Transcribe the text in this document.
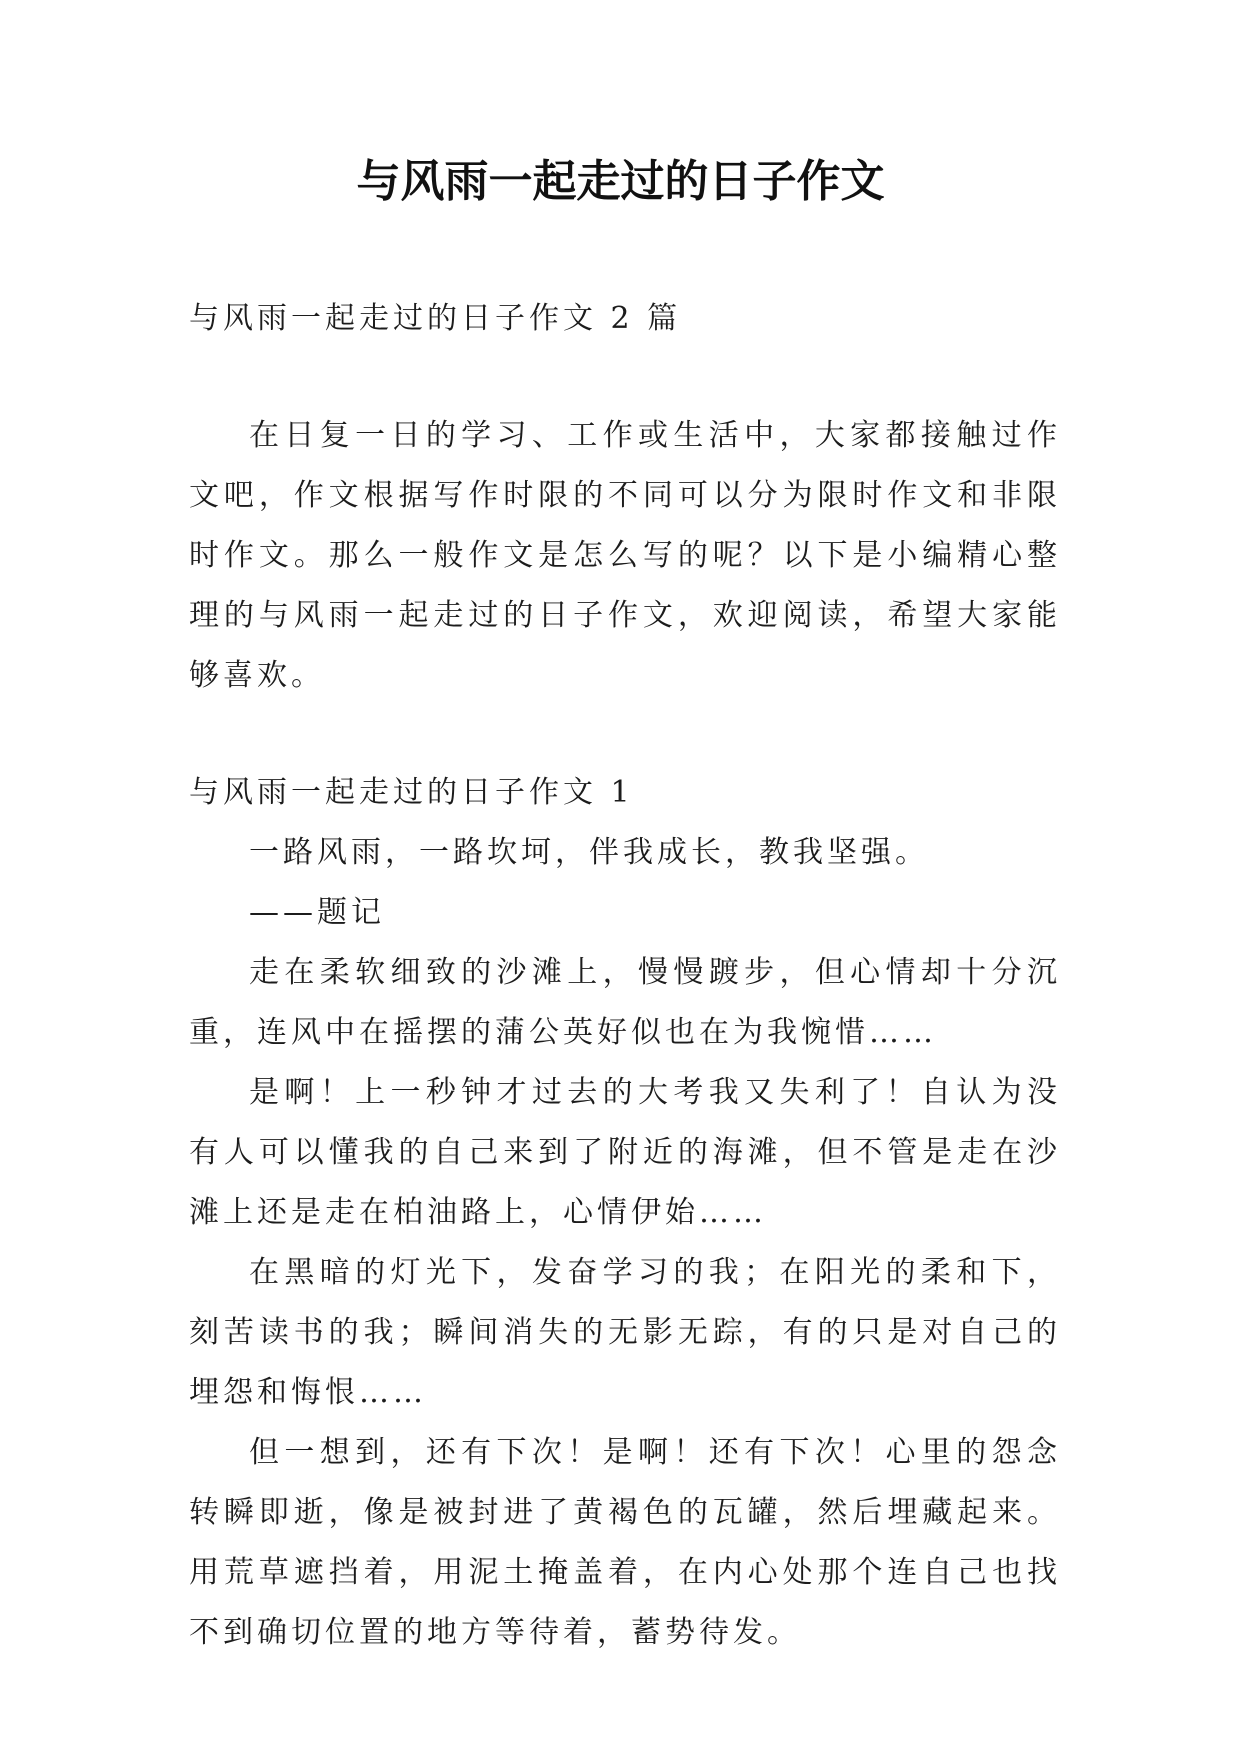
与风雨一起走过的日子作文

与风雨一起走过的日子作文 2 篇

在日复一日的学习、工作或生活中，大家都接触过作文吧，作文根据写作时限的不同可以分为限时作文和非限时作文。那么一般作文是怎么写的呢？以下是小编精心整理的与风雨一起走过的日子作文，欢迎阅读，希望大家能够喜欢。

与风雨一起走过的日子作文 1

一路风雨，一路坎坷，伴我成长，教我坚强。

——题记

走在柔软细致的沙滩上，慢慢踱步，但心情却十分沉重，连风中在摇摆的蒲公英好似也在为我惋惜……

是啊！上一秒钟才过去的大考我又失利了！自认为没有人可以懂我的自己来到了附近的海滩，但不管是走在沙滩上还是走在柏油路上，心情伊始……

在黑暗的灯光下，发奋学习的我；在阳光的柔和下，刻苦读书的我；瞬间消失的无影无踪，有的只是对自己的埋怨和悔恨……

但一想到，还有下次！是啊！还有下次！心里的怨念转瞬即逝，像是被封进了黄褐色的瓦罐，然后埋藏起来。用荒草遮挡着，用泥土掩盖着，在内心处那个连自己也找不到确切位置的地方等待着，蓄势待发。
